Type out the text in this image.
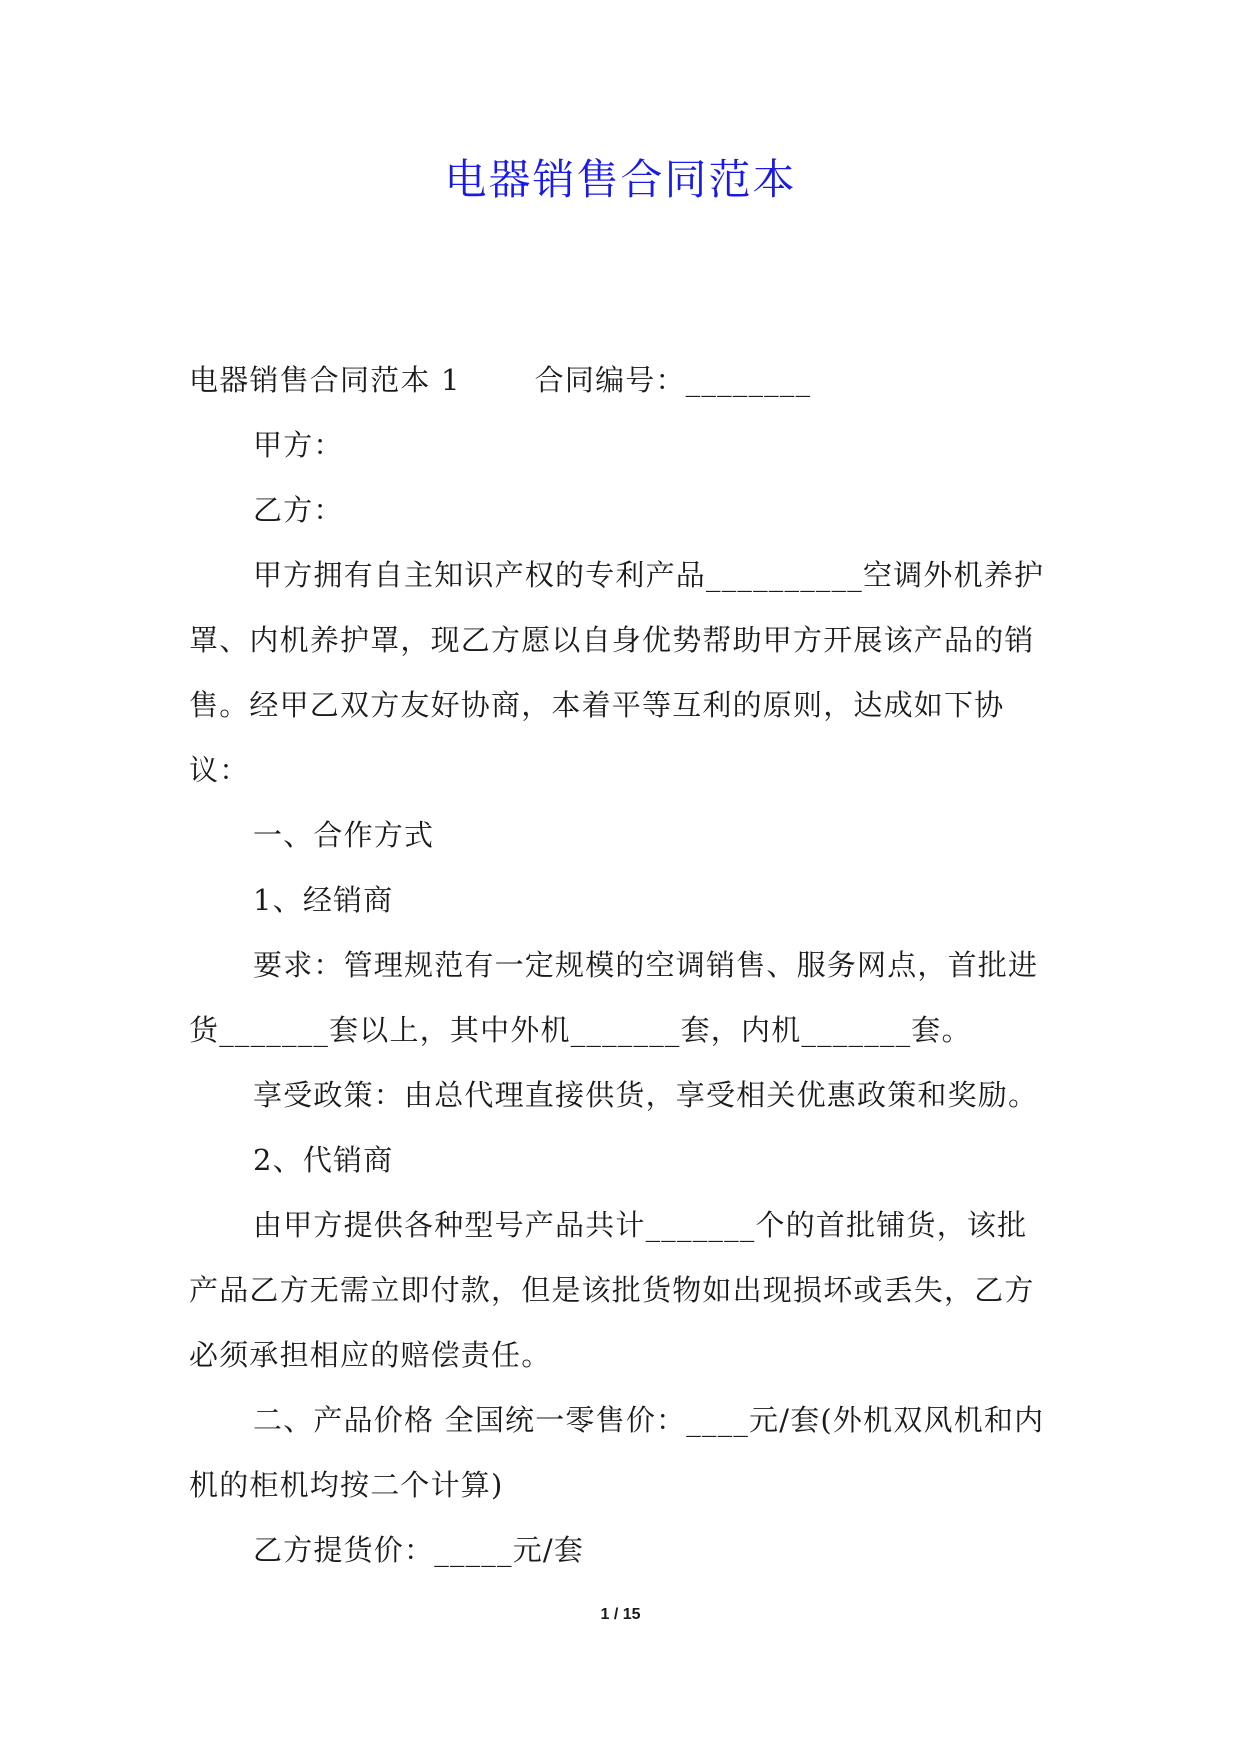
电器销售合同范本

电器销售合同范本 1	合同编号：________

甲方：

乙方：

甲方拥有自主知识产权的专利产品__________空调外机养护罩、内机养护罩，现乙方愿以自身优势帮助甲方开展该产品的销售。经甲乙双方友好协商，本着平等互利的原则，达成如下协议：

一、合作方式

1、经销商

要求：管理规范有一定规模的空调销售、服务网点，首批进货_______套以上，其中外机_______套，内机_______套。

享受政策：由总代理直接供货，享受相关优惠政策和奖励。

2、代销商

由甲方提供各种型号产品共计_______个的首批铺货，该批产品乙方无需立即付款，但是该批货物如出现损坏或丢失，乙方必须承担相应的赔偿责任。

二、产品价格 全国统一零售价：____元/套(外机双风机和内机的柜机均按二个计算)

乙方提货价：_____元/套

1 / 15
